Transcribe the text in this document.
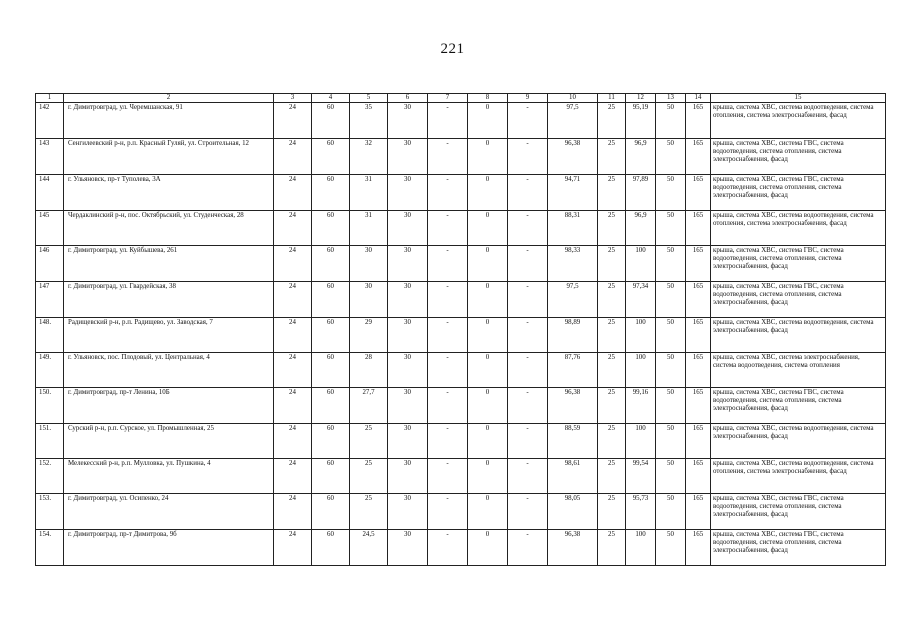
221
1	2	3	4	5	6	7	8	9	10	11	12	13	14	15
142	г. Димитровград, ул. Черемшанская, 91	24	60	35	30	-	0	-	97,5	25	95,19	50	165	крыша, система ХВС, система водоотведения, система отопления, система электроснабжения, фасад
143	Сенгилеевский р-н, р.п. Красный Гуляй, ул. Строительная, 12	24	60	32	30	-	0	-	96,38	25	96,9	50	165	крыша, система ХВС, система ГВС, система водоотведения, система отопления, система электроснабжения, фасад
144	г. Ульяновск, пр-т Туполева, 3А	24	60	31	30	-	0	-	94,71	25	97,89	50	165	крыша, система ХВС, система ГВС, система водоотведения, система отопления, система электроснабжения, фасад
145	Чердаклинский р-н, пос. Октябрьский, ул. Студенческая, 28	24	60	31	30	-	0	-	88,31	25	96,9	50	165	крыша, система ХВС, система водоотведения, система отопления, система электроснабжения, фасад
146	г. Димитровград, ул. Куйбышева, 261	24	60	30	30	-	0	-	98,33	25	100	50	165	крыша, система ХВС, система ГВС, система водоотведения, система отопления, система электроснабжения, фасад
147	г. Димитровград, ул. Гвардейская, 38	24	60	30	30	-	0	-	97,5	25	97,34	50	165	крыша, система ХВС, система ГВС, система водоотведения, система отопления, система электроснабжения, фасад
148.	Радищевский р-н, р.п. Радищево, ул. Заводская, 7	24	60	29	30	-	0	-	98,89	25	100	50	165	крыша, система ХВС, система водоотведения, система электроснабжения, фасад
149.	г. Ульяновск, пос. Плодовый, ул. Центральная, 4	24	60	28	30	-	0	-	87,76	25	100	50	165	крыша, система ХВС, система электроснабжения, система водоотведения, система отопления
150.	г. Димитровград, пр-т Ленина, 10Б	24	60	27,7	30	-	0	-	96,38	25	99,16	50	165	крыша, система ХВС, система ГВС, система водоотведения, система отопления, система электроснабжения, фасад
151.	Сурский р-н, р.п. Сурское, ул. Промышленная, 25	24	60	25	30	-	0	-	88,59	25	100	50	165	крыша, система ХВС, система водоотведения, система электроснабжения, фасад
152.	Мелекесский р-н, р.п. Мулловка, ул. Пушкина, 4	24	60	25	30	-	0	-	98,61	25	99,54	50	165	крыша, система ХВС, система водоотведения, система отопления, система электроснабжения, фасад
153.	г. Димитровград, ул. Осипенко, 24	24	60	25	30	-	0	-	98,05	25	95,73	50	165	крыша, система ХВС, система ГВС, система водоотведения, система отопления, система электроснабжения, фасад
154.	г. Димитровград, пр-т Димитрова, 9б	24	60	24,5	30	-	0	-	96,38	25	100	50	165	крыша, система ХВС, система ГВС, система водоотведения, система отопления, система электроснабжения, фасад
